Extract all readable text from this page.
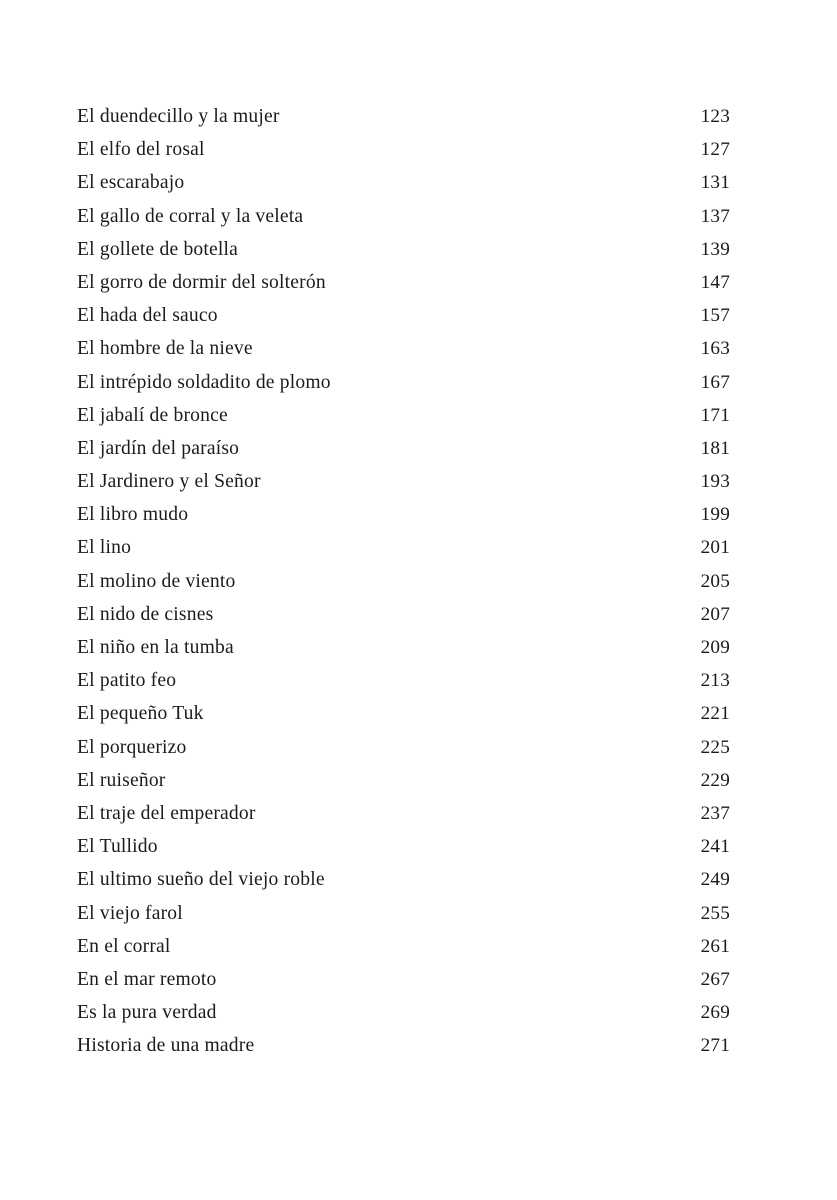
El duendecillo y la mujer	123
El elfo del rosal	127
El escarabajo	131
El gallo de corral y la veleta	137
El gollete de botella	139
El gorro de dormir del solterón	147
El hada del sauco	157
El hombre de la nieve	163
El intrépido soldadito de plomo	167
El jabalí de bronce	171
El jardín del paraíso	181
El Jardinero y el Señor	193
El libro mudo	199
El lino	201
El molino de viento	205
El nido de cisnes	207
El niño en la tumba	209
El patito feo	213
El pequeño Tuk	221
El porquerizo	225
El ruiseñor	229
El traje del emperador	237
El Tullido	241
El ultimo sueño del viejo roble	249
El viejo farol	255
En el corral	261
En el mar remoto	267
Es la pura verdad	269
Historia de una madre	271
